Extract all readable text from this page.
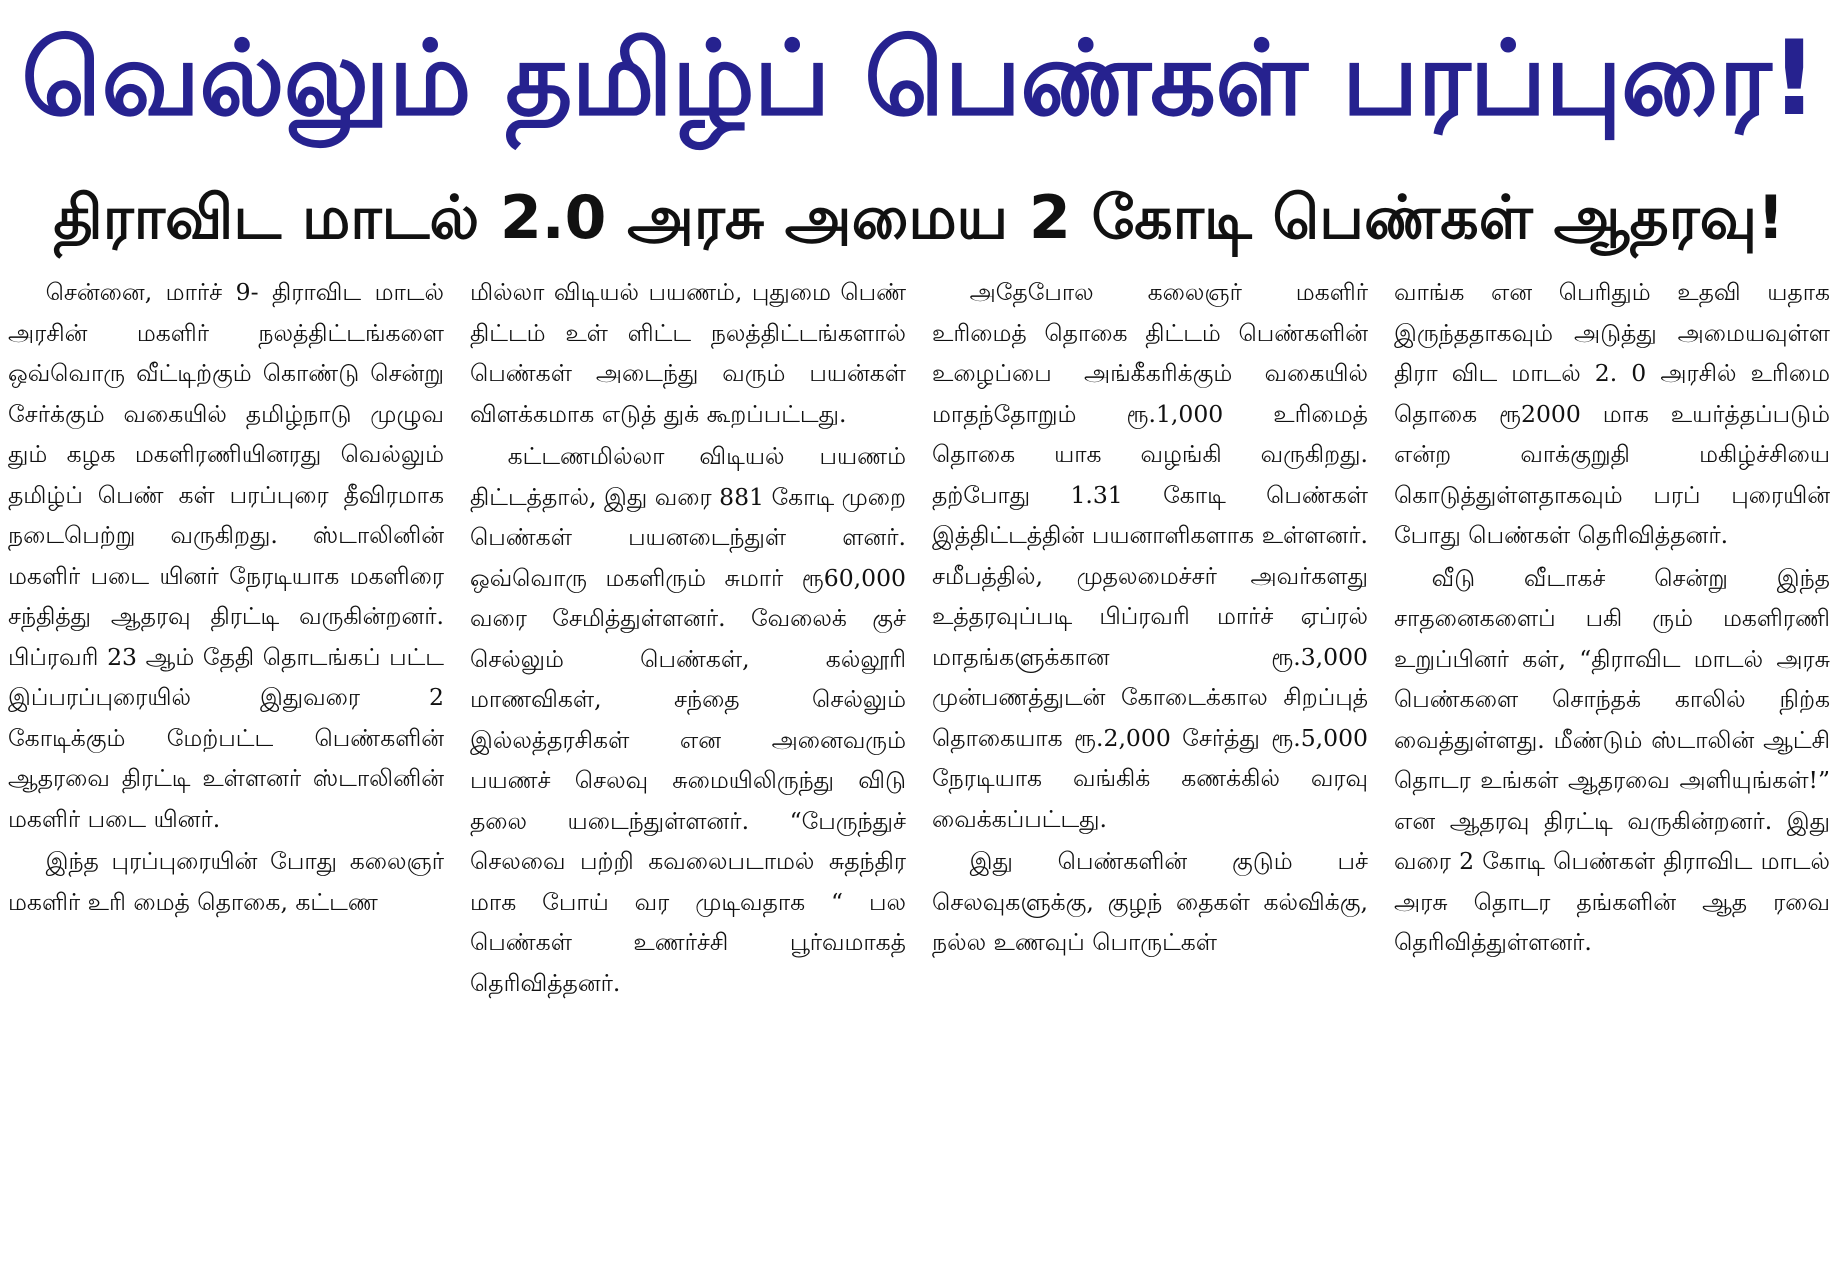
வெல்லும் தமிழ்ப் பெண்கள் பரப்புரை!
திராவிட மாடல் 2.0 அரசு அமைய 2 கோடி பெண்கள் ஆதரவு!

சென்னை, மார்ச் 9- திராவிட மாடல் அரசின் மகளிர் நலத்திட்டங்களை ஒவ்வொரு வீட்டிற்கும் கொண்டு சென்று சேர்க்கும் வகையில் தமிழ்நாடு முழுவ தும் கழக மகளிரணியினரது வெல்லும் தமிழ்ப் பெண் கள் பரப்புரை தீவிரமாக நடைபெற்று வருகிறது. ஸ்டாலினின் மகளிர் படை யினர் நேரடியாக மகளிரை சந்தித்து ஆதரவு திரட்டி வருகின்றனர். பிப்ரவரி 23 ஆம் தேதி தொடங்கப் பட்ட இப்பரப்புரையில் இதுவரை 2 கோடிக்கும் மேற்பட்ட பெண்களின் ஆதரவை திரட்டி உள்ளனர் ஸ்டாலினின் மகளிர் படை யினர்.

இந்த புரப்புரையின் போது கலைஞர் மகளிர் உரி மைத் தொகை, கட்டண

மில்லா விடியல் பயணம், புதுமை பெண் திட்டம் உள் ளிட்ட நலத்திட்டங்களால் பெண்கள் அடைந்து வரும் பயன்கள் விளக்கமாக எடுத் துக் கூறப்பட்டது.

கட்டணமில்லா விடியல் பயணம் திட்டத்தால், இது வரை 881 கோடி முறை பெண்கள் பயனடைந்துள் ளனர். ஒவ்வொரு மகளிரும் சுமார் ரூ60,000 வரை சேமித்துள்ளனர். வேலைக் குச் செல்லும் பெண்கள், கல்லூரி மாணவிகள், சந்தை செல்லும் இல்லத்தரசிகள் என அனைவரும் பயணச் செலவு சுமையிலிருந்து விடு தலை யடைந்துள்ளனர். “பேருந்துச் செலவை பற்றி கவலைபடாமல் சுதந்திர மாக போய் வர முடிவதாக “ பல பெண்கள் உணர்ச்சி பூர்வமாகத் தெரிவித்தனர்.

அதேபோல கலைஞர் மகளிர் உரிமைத் தொகை திட்டம் பெண்களின் உழைப்பை அங்கீகரிக்கும் வகையில் மாதந்தோறும் ரூ.1,000 உரிமைத் தொகை யாக வழங்கி வருகிறது. தற்போது 1.31 கோடி பெண்கள் இத்திட்டத்தின் பயனாளிகளாக உள்ளனர். சமீபத்தில், முதலமைச்சர் அவர்களது உத்தரவுப்படி பிப்ரவரி மார்ச் ஏப்ரல் மாதங்களுக்கான ரூ.3,000 முன்பணத்துடன் கோடைக்கால சிறப்புத் தொகையாக ரூ.2,000 சேர்த்து ரூ.5,000 நேரடியாக வங்கிக் கணக்கில் வரவு வைக்கப்பட்டது.

இது பெண்களின் குடும் பச் செலவுகளுக்கு, குழந் தைகள் கல்விக்கு, நல்ல உணவுப் பொருட்கள்

வாங்க என பெரிதும் உதவி யதாக இருந்ததாகவும் அடுத்து அமையவுள்ள திரா விட மாடல் 2. 0 அரசில் உரிமை தொகை ரூ2000 மாக உயர்த்தப்படும் என்ற வாக்குறுதி மகிழ்ச்சியை கொடுத்துள்ளதாகவும் பரப் புரையின் போது பெண்கள் தெரிவித்தனர்.

வீடு வீடாகச் சென்று இந்த சாதனைகளைப் பகி ரும் மகளிரணி உறுப்பினர் கள், “திராவிட மாடல் அரசு பெண்களை சொந்தக் காலில் நிற்க வைத்துள்ளது. மீண்டும் ஸ்டாலின் ஆட்சி தொடர உங்கள் ஆதரவை அளியுங்கள்!” என ஆதரவு திரட்டி வருகின்றனர். இது வரை 2 கோடி பெண்கள் திராவிட மாடல் அரசு தொடர தங்களின் ஆத ரவை தெரிவித்துள்ளனர்.
